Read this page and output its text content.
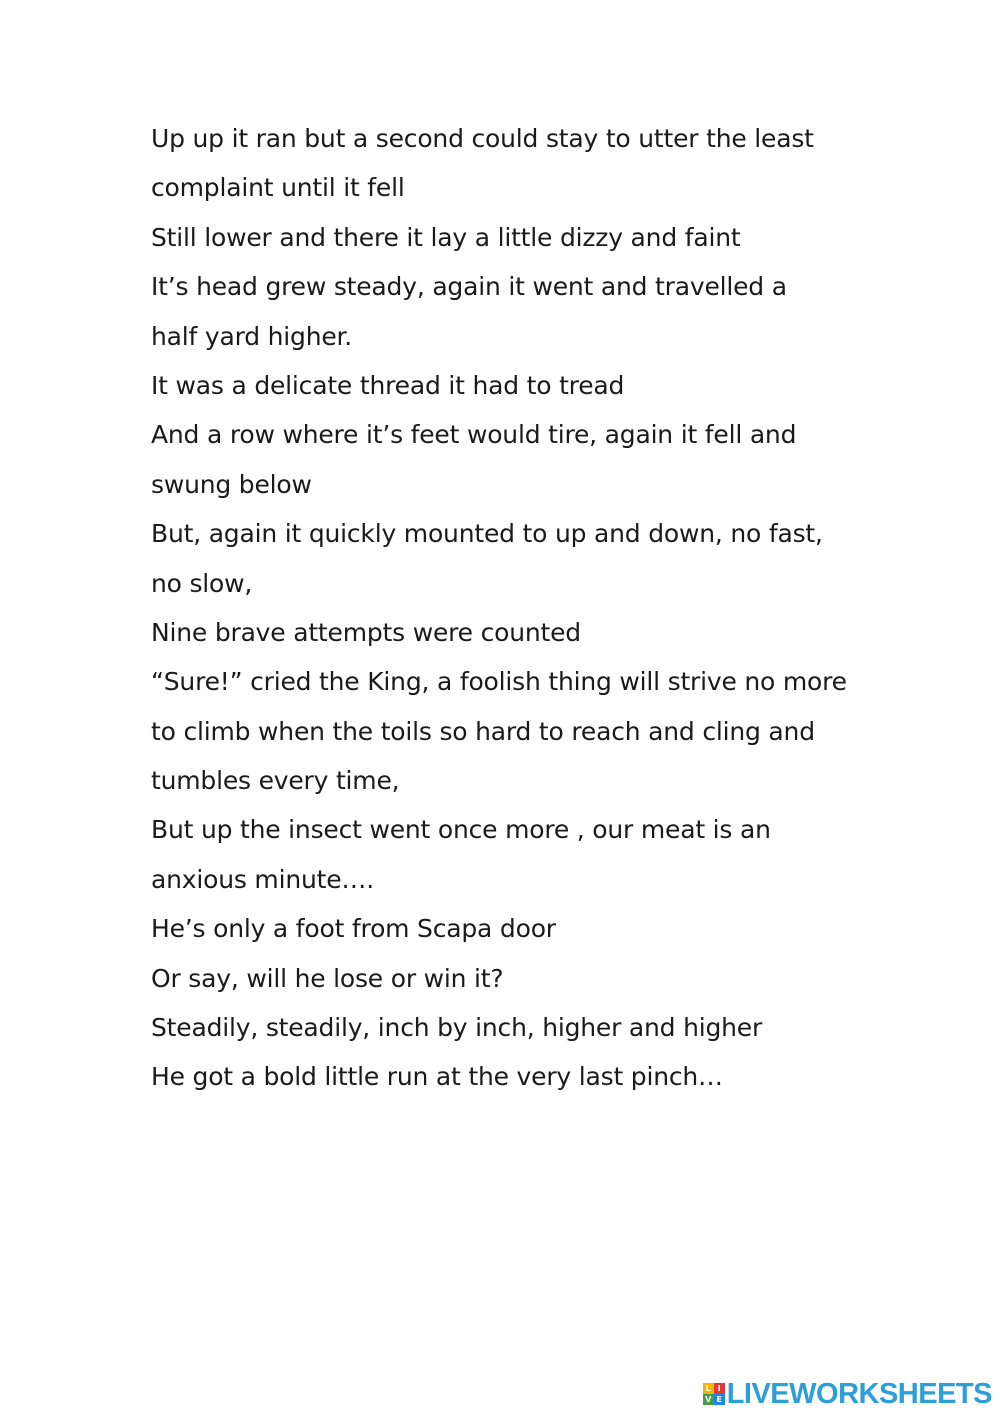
Up up it ran but a second could stay to utter the least
complaint until it fell
Still lower and there it lay a little dizzy and faint
It’s head grew steady, again it went and travelled a
half yard higher.
It was a delicate thread it had to tread
And a row where it’s feet would tire, again it fell and
swung below
But, again it quickly mounted to up and down, no fast,
no slow,
Nine brave attempts were counted
“Sure!” cried the King, a foolish thing will strive no more
to climb when the toils so hard to reach and cling and
tumbles every time,
But up the insect went once more , our meat is an
anxious minute….
He’s only a foot from Scapa door
Or say, will he lose or win it?
Steadily, steadily, inch by inch, higher and higher
He got a bold little run at the very last pinch…
L I
V E LIVEWORKSHEETS
